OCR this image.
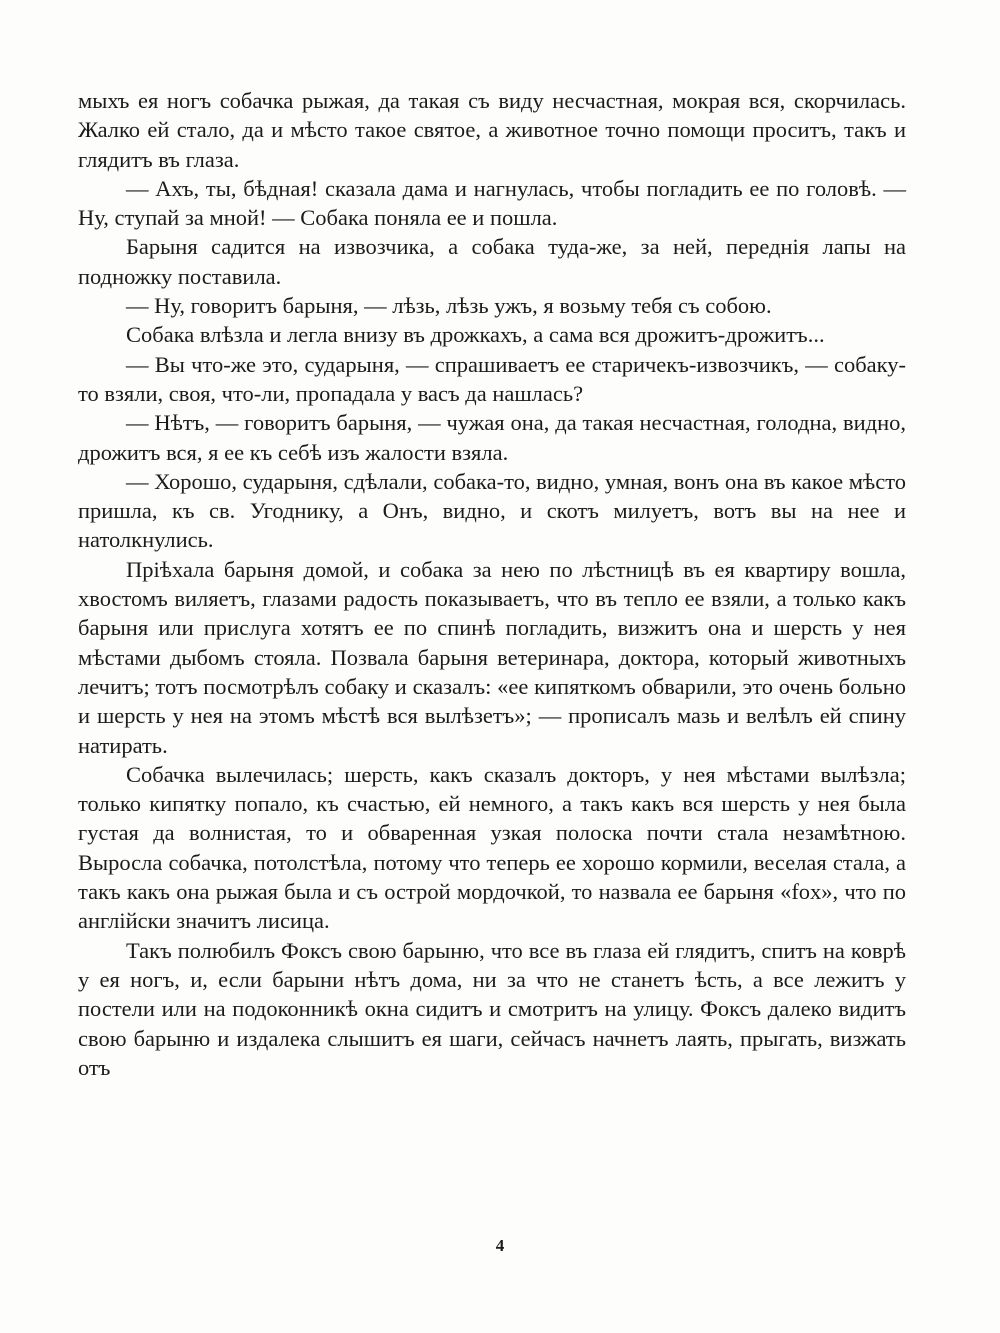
мыхъ ея ногъ собачка рыжая, да такая съ виду несчастная, мокрая вся, скорчилась. Жалко ей стало, да и мѣсто такое святое, а животное точно помощи проситъ, такъ и глядитъ въ глаза.

— Ахъ, ты, бѣдная! сказала дама и нагнулась, чтобы погладить ее по головѣ. — Ну, ступай за мной! — Собака поняла ее и пошла.

Барыня садится на извозчика, а собака туда-же, за ней, переднія лапы на подножку поставила.

— Ну, говоритъ барыня, — лѣзь, лѣзь ужъ, я возьму тебя съ собою.

Собака влѣзла и легла внизу въ дрожкахъ, а сама вся дрожитъ-дрожитъ...

— Вы что-же это, сударыня, — спрашиваетъ ее старичекъ-извозчикъ, — собаку-то взяли, своя, что-ли, пропадала у васъ да нашлась?

— Нѣтъ, — говоритъ барыня, — чужая она, да такая несчастная, голодна, видно, дрожитъ вся, я ее къ себѣ изъ жалости взяла.

— Хорошо, сударыня, сдѣлали, собака-то, видно, умная, вонъ она въ какое мѣсто пришла, къ св. Угоднику, а Онъ, видно, и скотъ милуетъ, вотъ вы на нее и натолкнулись.

Пріѣхала барыня домой, и собака за нею по лѣстницѣ въ ея квартиру вошла, хвостомъ виляетъ, глазами радость показываетъ, что въ тепло ее взяли, а только какъ барыня или прислуга хотятъ ее по спинѣ погладить, визжитъ она и шерсть у нея мѣстами дыбомъ стояла. Позвала барыня ветеринара, доктора, который животныхъ лечитъ; тотъ посмотрѣлъ собаку и сказалъ: «ее кипяткомъ обварили, это очень больно и шерсть у нея на этомъ мѣстѣ вся вылѣзетъ»; — прописалъ мазь и велѣлъ ей спину натирать.

Собачка вылечилась; шерсть, какъ сказалъ докторъ, у нея мѣстами вылѣзла; только кипятку попало, къ счастью, ей немного, а такъ какъ вся шерсть у нея была густая да волнистая, то и обваренная узкая полоска почти стала незамѣтною. Выросла собачка, потолстѣла, потому что теперь ее хорошо кормили, веселая стала, а такъ какъ она рыжая была и съ острой мордочкой, то назвала ее барыня «fox», что по англійски значитъ лисица.

Такъ полюбилъ Фоксъ свою барыню, что все въ глаза ей глядитъ, спитъ на коврѣ у ея ногъ, и, если барыни нѣтъ дома, ни за что не станетъ ѣсть, а все лежитъ у постели или на подоконникѣ окна сидитъ и смотритъ на улицу. Фоксъ далеко видитъ свою барыню и издалека слышитъ ея шаги, сейчасъ начнетъ лаять, прыгать, визжать отъ

4
